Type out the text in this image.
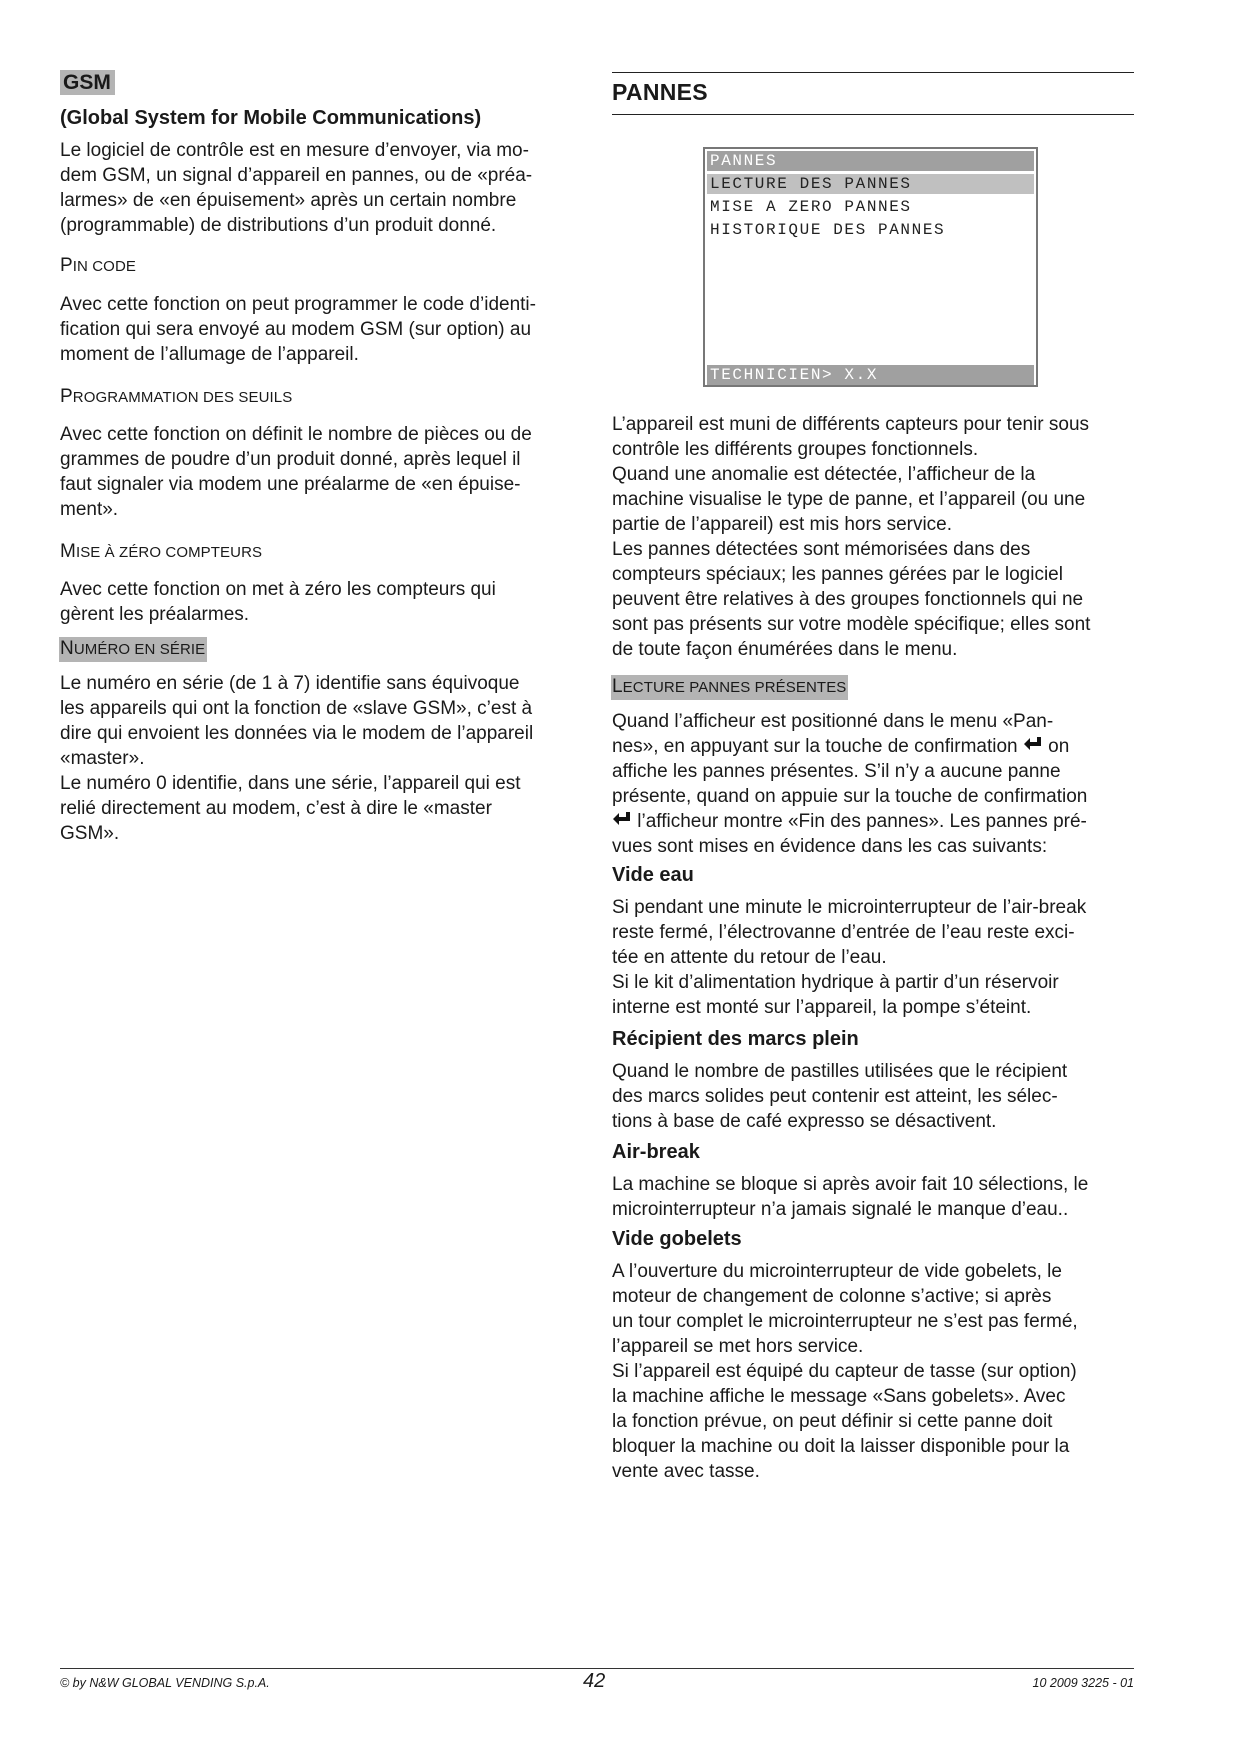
GSM
(Global System for Mobile Communications)

Le logiciel de contrôle est en mesure d’envoyer, via mo-

dem GSM, un signal d’appareil en pannes, ou de «préa-

larmes» de «en épuisement» après un certain nombre

(programmable) de distributions d’un produit donné.

PIN CODE

Avec cette fonction on peut programmer le code d’identi-

fication qui sera envoyé au modem GSM (sur option) au

moment de l’allumage de l’appareil.

PROGRAMMATION DES SEUILS

Avec cette fonction on définit le nombre de pièces ou de

grammes de poudre d’un produit donné, après lequel il

faut signaler via modem une préalarme de «en épuise-

ment».

MISE À ZÉRO COMPTEURS

Avec cette fonction on met à zéro les compteurs qui

gèrent les préalarmes.

NUMÉRO EN SÉRIE

Le numéro en série (de 1 à 7) identifie sans équivoque

les appareils qui ont la fonction de «slave GSM», c’est à

dire qui envoient les données via le modem de l’appareil

«master».

Le numéro 0 identifie, dans une série, l’appareil qui est

relié directement au modem, c’est à dire le «master

GSM».

PANNES
PANNES
LECTURE DES PANNES
MISE A ZERO PANNES
HISTORIQUE DES PANNES
TECHNICIEN> X.X

L’appareil est muni de différents capteurs pour tenir sous

contrôle les différents groupes fonctionnels.

Quand une anomalie est détectée, l’afficheur de la

machine visualise le type de panne, et l’appareil (ou une

partie de l’appareil) est mis hors service.

Les pannes détectées sont mémorisées dans des

compteurs spéciaux; les pannes gérées par le logiciel

peuvent être relatives à des groupes fonctionnels qui ne

sont pas présents sur votre modèle spécifique; elles sont

de toute façon énumérées dans le menu.

LECTURE PANNES PRÉSENTES

Quand l’afficheur est positionné dans le menu «Pan-

nes», en appuyant sur la touche de confirmation  on

affiche les pannes présentes. S’il n’y a aucune panne

présente, quand on appuie sur la touche de confirmation

l’afficheur montre «Fin des pannes». Les pannes pré-

vues sont mises en évidence dans les cas suivants:

Vide eau

Si pendant une minute le microinterrupteur de l’air-break

reste fermé, l’électrovanne d’entrée de l’eau reste exci-

tée en attente du retour de l’eau.

Si le kit d’alimentation hydrique à partir d’un réservoir

interne est monté sur l’appareil, la pompe s’éteint.

Récipient des marcs plein

Quand le nombre de pastilles utilisées que le récipient

des marcs solides peut contenir est atteint, les sélec-

tions à base de café expresso se désactivent.

Air-break

La machine se bloque si après avoir fait 10 sélections, le

microinterrupteur n’a jamais signalé le manque d’eau..

Vide gobelets

A l’ouverture du microinterrupteur de vide gobelets, le

moteur de changement de colonne s’active; si après

un tour complet le microinterrupteur ne s’est pas fermé,

l’appareil se met hors service.

Si l’appareil est équipé du capteur de tasse (sur option)

la machine affiche le message «Sans gobelets». Avec

la fonction prévue, on peut définir si cette panne doit

bloquer la machine ou doit la laisser disponible pour la

vente avec tasse.

© by N&W GLOBAL VENDING S.p.A.	42	10 2009 3225 - 01
